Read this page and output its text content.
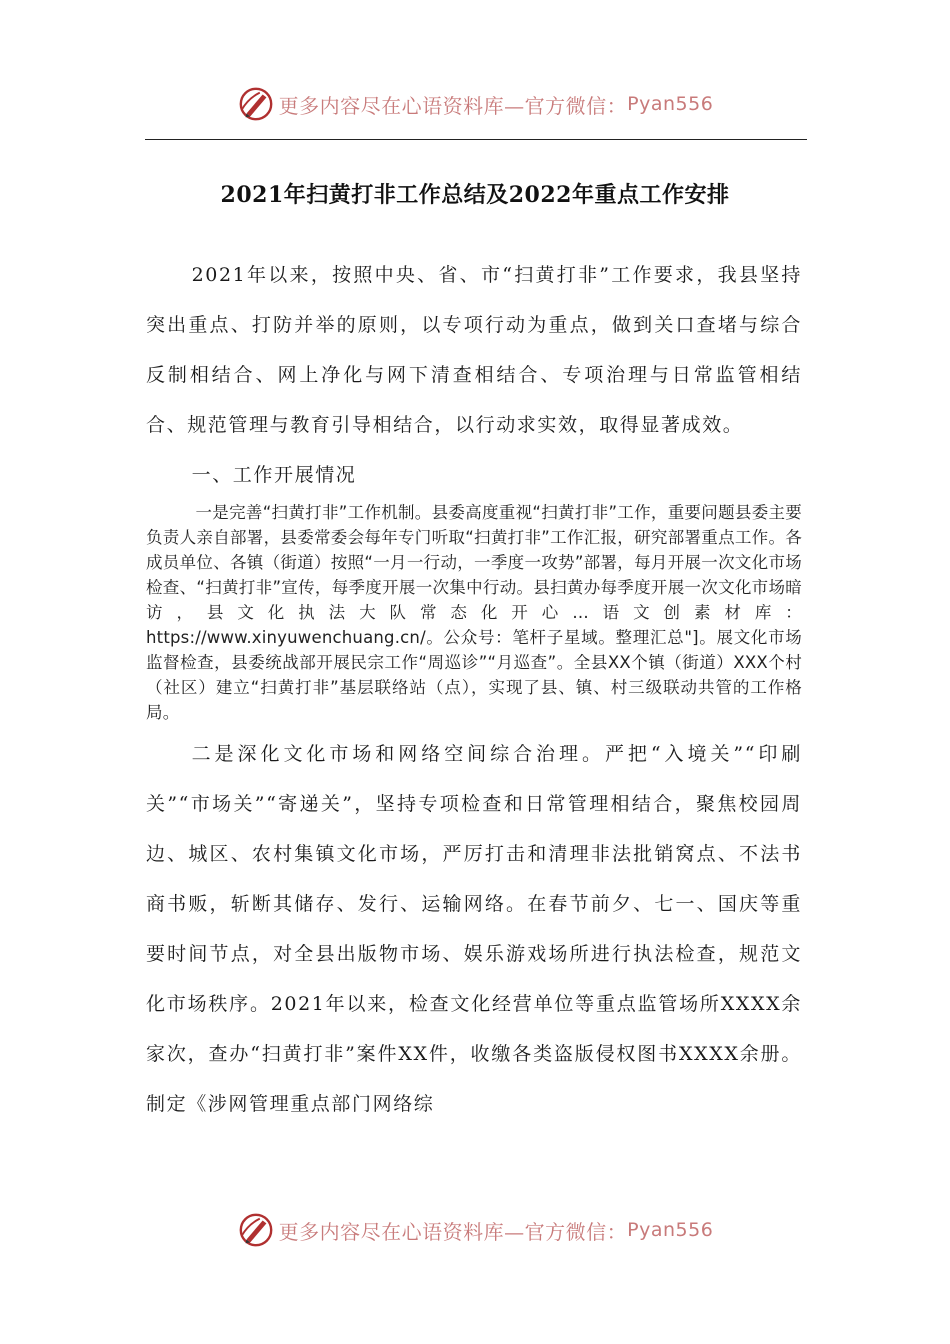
更多内容尽在心语资料库—官方微信： Pyan556
2021年扫黄打非工作总结及2022年重点工作安排

2021年以来，按照中央、省、市“扫黄打非”工作要求，我县坚持突出重点、打防并举的原则，以专项行动为重点，做到关口查堵与综合反制相结合、网上净化与网下清查相结合、专项治理与日常监管相结合、规范管理与教育引导相结合，以行动求实效，取得显著成效。

一、工作开展情况

一是完善“扫黄打非”工作机制。县委高度重视“扫黄打非”工作，重要问题县委主要负责人亲自部署，县委常委会每年专门听取“扫黄打非”工作汇报，研究部署重点工作。各成员单位、各镇（街道）按照“一月一行动，一季度一攻势”部署，每月开展一次文化市场检查、“扫黄打非”宣传，每季度开展一次集中行动。县扫黄办每季度开展一次文化市场暗访，县文化执法大队常态化开心…语文创素材库：https://www.xinyuwenchuang.cn/。公众号：笔杆子星域。整理汇总"]。展文化市场监督检查，县委统战部开展民宗工作“周巡诊”“月巡查”。全县XX个镇（街道）XXX个村（社区）建立“扫黄打非”基层联络站（点），实现了县、镇、村三级联动共管的工作格局。

二是深化文化市场和网络空间综合治理。严把“入境关”“印刷关”“市场关”“寄递关”，坚持专项检查和日常管理相结合，聚焦校园周边、城区、农村集镇文化市场，严厉打击和清理非法批销窝点、不法书商书贩，斩断其储存、发行、运输网络。在春节前夕、七一、国庆等重要时间节点，对全县出版物市场、娱乐游戏场所进行执法检查，规范文化市场秩序。2021年以来，检查文化经营单位等重点监管场所XXXX余家次，查办“扫黄打非”案件XX件，收缴各类盗版侵权图书XXXX余册。制定《涉网管理重点部门网络综

更多内容尽在心语资料库—官方微信： Pyan556
